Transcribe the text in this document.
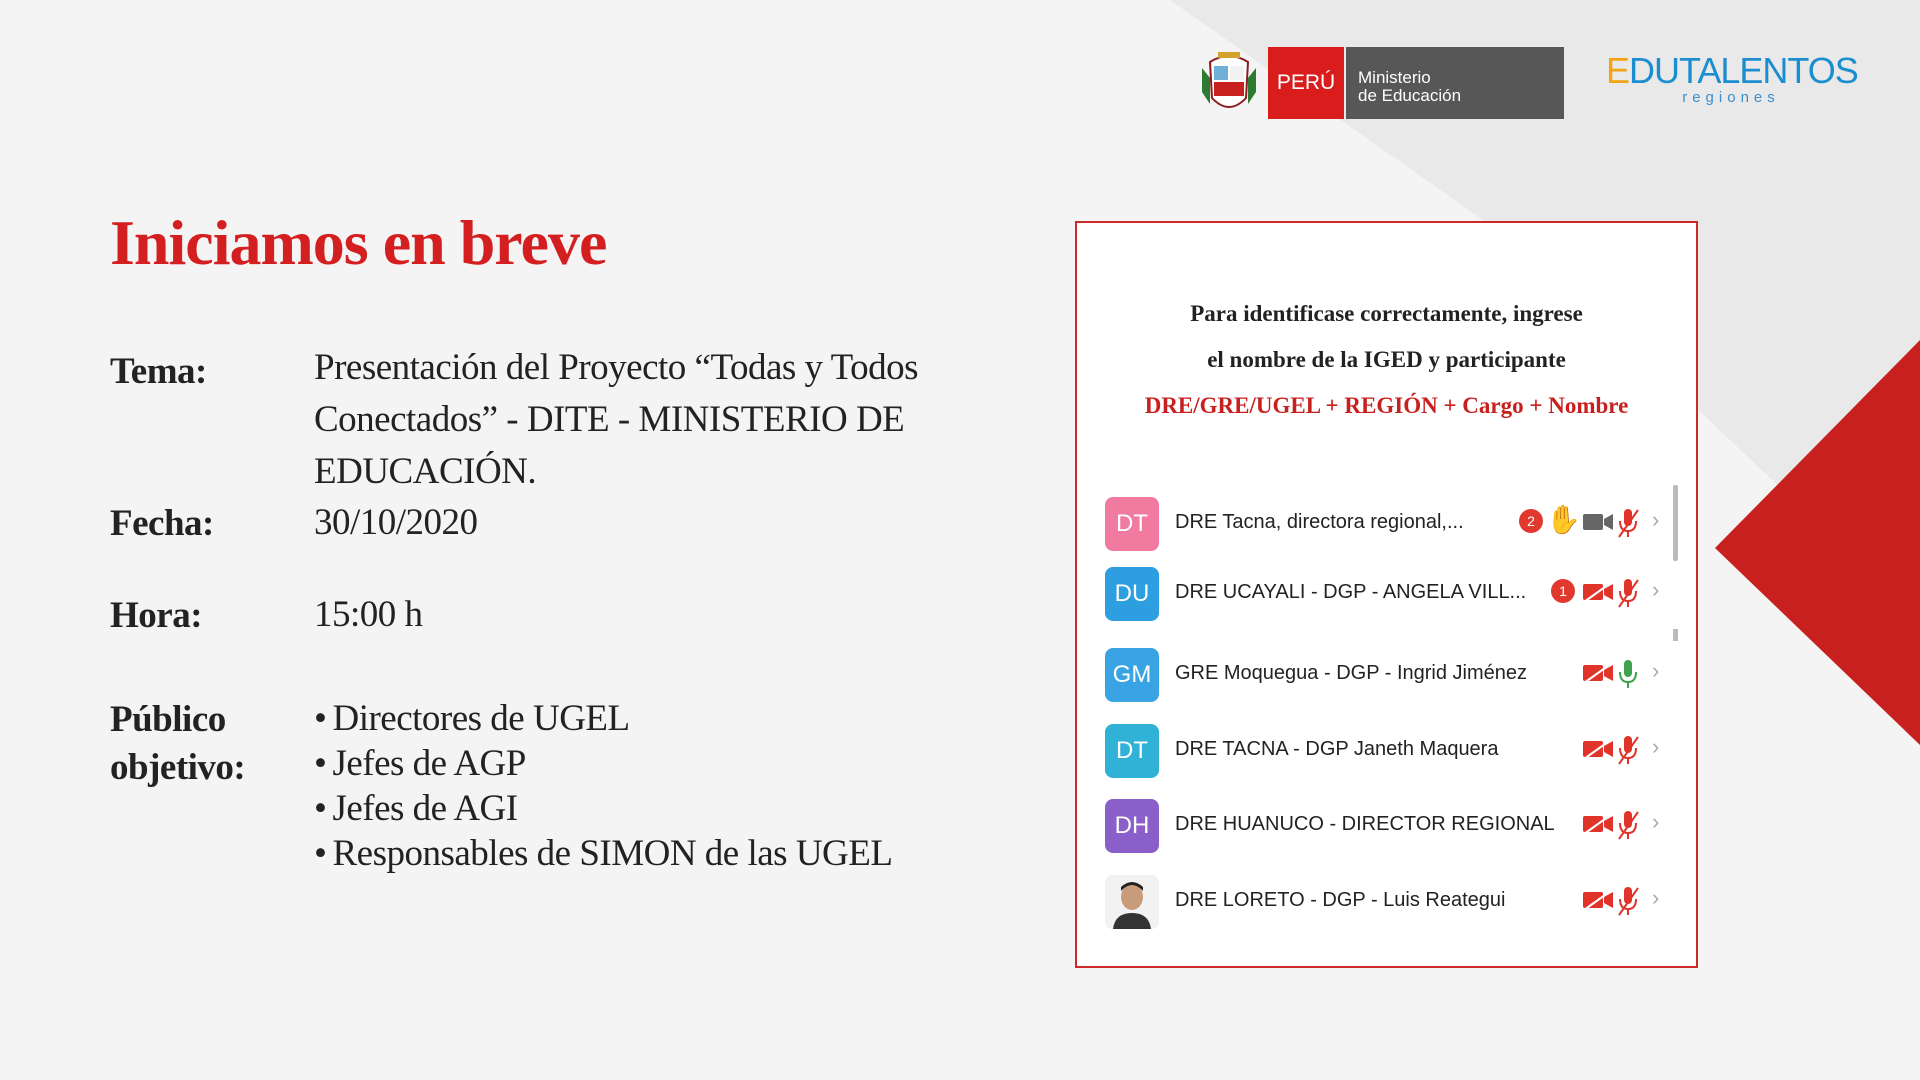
PERÚ	Ministerio
de Educación
EDUTALENTOS
regiones
Iniciamos en breve
Tema:	Presentación del Proyecto “Todas y Todos Conectados” - DITE - MINISTERIO DE EDUCACIÓN.
Fecha:	30/10/2020
Hora:	15:00 h
Público
objetivo:
• Directores de UGEL
• Jefes de AGP
• Jefes de AGI
• Responsables de SIMON de las UGEL
Para identificase correctamente, ingrese
el nombre de la IGED y participante
DRE/GRE/UGEL + REGIÓN + Cargo + Nombre
DT	DRE Tacna, directora regional,...	2 ✋	›
DU	DRE UCAYALI - DGP - ANGELA VILL...	1	›
GM	GRE Moquegua - DGP - Ingrid Jiménez	›
DT	DRE TACNA - DGP Janeth Maquera	›
DH	DRE HUANUCO - DIRECTOR REGIONAL	›
DRE LORETO - DGP - Luis Reategui	›
